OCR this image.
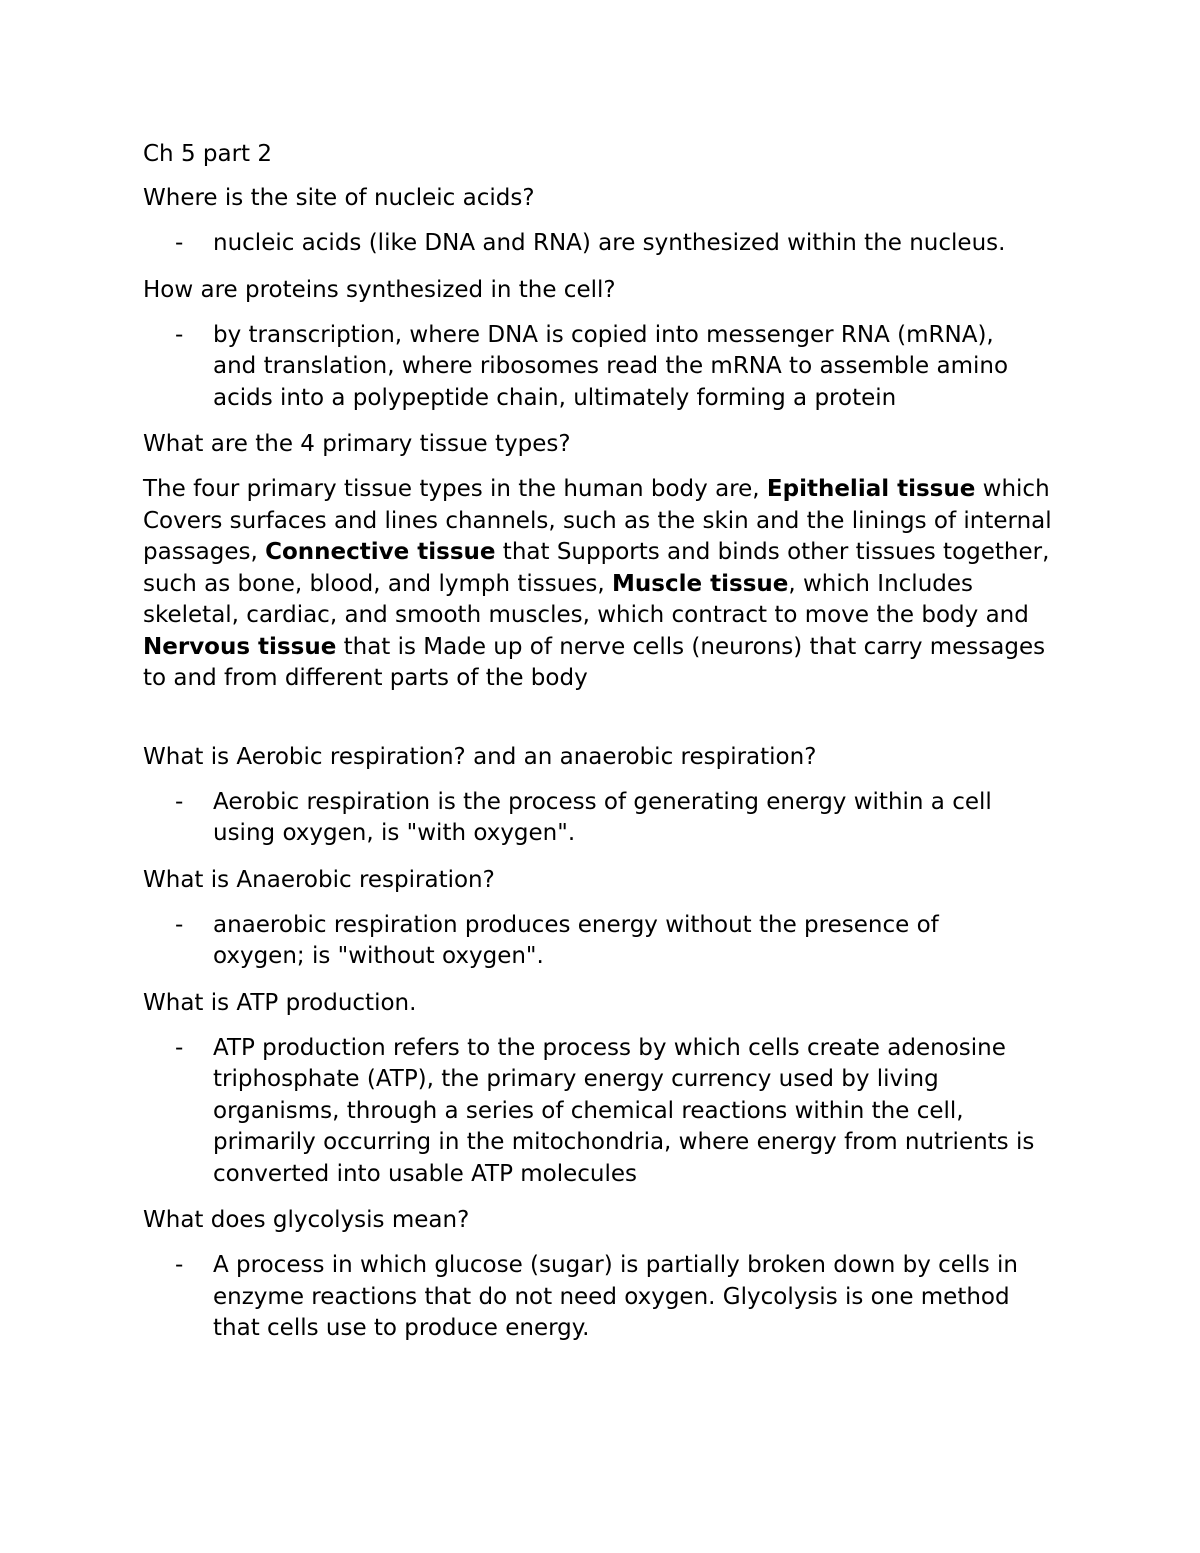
Ch 5 part 2
Where is the site of nucleic acids?
- nucleic acids (like DNA and RNA) are synthesized within the nucleus.
How are proteins synthesized in the cell?
- by transcription, where DNA is copied into messenger RNA (mRNA),
and translation, where ribosomes read the mRNA to assemble amino
acids into a polypeptide chain, ultimately forming a protein
What are the 4 primary tissue types?
The four primary tissue types in the human body are, Epithelial tissue which Covers surfaces and lines channels, such as the skin and the linings of internal passages, Connective tissue that Supports and binds other tissues together, such as bone, blood, and lymph tissues, Muscle tissue, which Includes skeletal, cardiac, and smooth muscles, which contract to move the body and Nervous tissue that is Made up of nerve cells (neurons) that carry messages to and from different parts of the body
What is Aerobic respiration? and an anaerobic respiration?
- Aerobic respiration is the process of generating energy within a cell
using oxygen, is "with oxygen".
What is Anaerobic respiration?
- anaerobic respiration produces energy without the presence of
oxygen; is "without oxygen".
What is ATP production.
- ATP production refers to the process by which cells create adenosine
triphosphate (ATP), the primary energy currency used by living
organisms, through a series of chemical reactions within the cell,
primarily occurring in the mitochondria, where energy from nutrients is
converted into usable ATP molecules
What does glycolysis mean?
- A process in which glucose (sugar) is partially broken down by cells in
enzyme reactions that do not need oxygen. Glycolysis is one method
that cells use to produce energy.
